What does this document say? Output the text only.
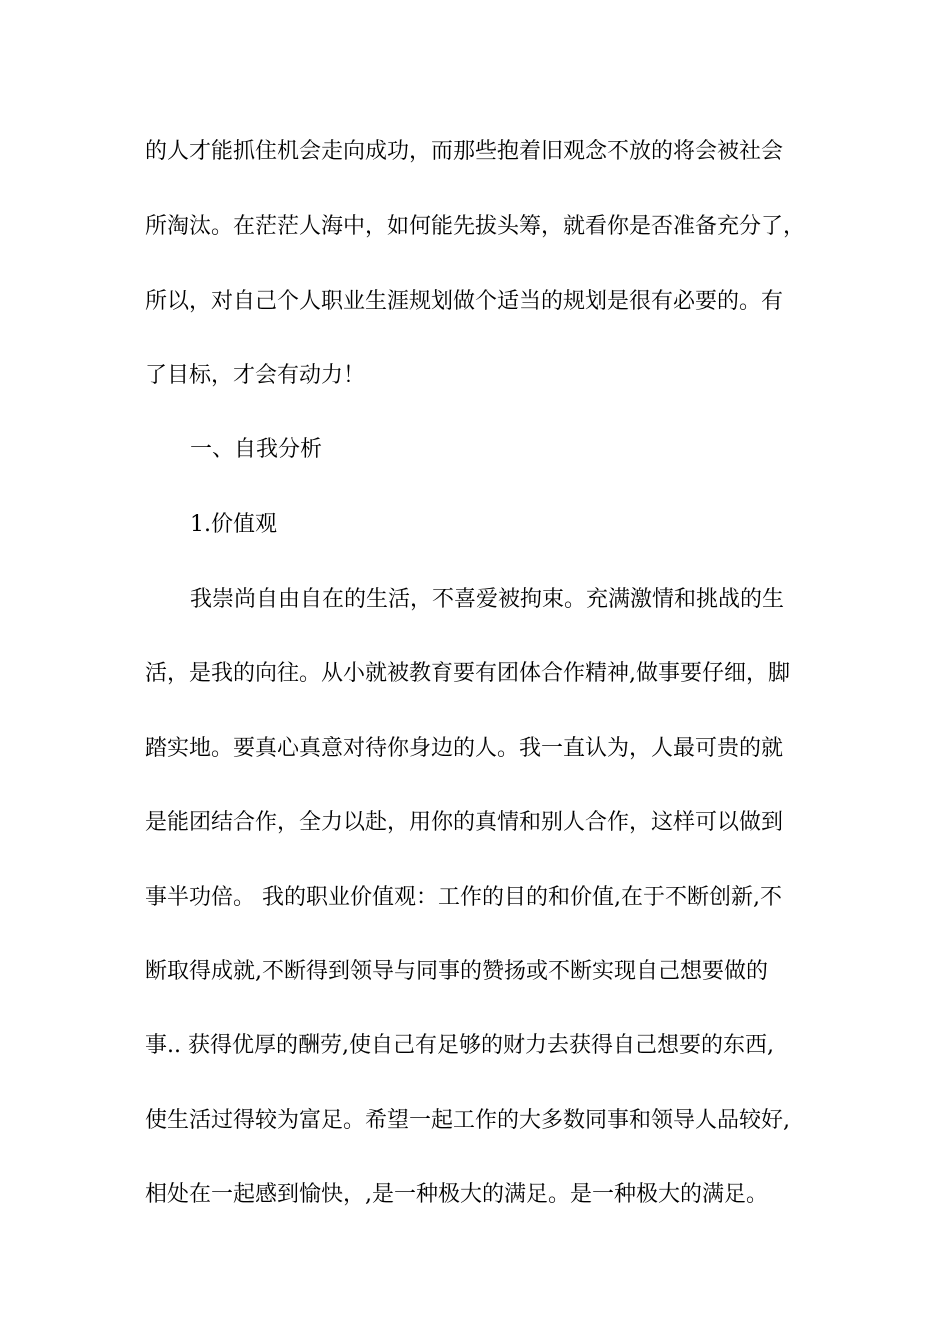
的人才能抓住机会走向成功，而那些抱着旧观念不放的将会被社会

所淘汰。在茫茫人海中，如何能先拔头筹，就看你是否准备充分了，

所以，对自己个人职业生涯规划做个适当的规划是很有必要的。有

了目标，才会有动力！

一、自我分析

1.价值观

我崇尚自由自在的生活，不喜爱被拘束。充满激情和挑战的生

活，是我的向往。从小就被教育要有团体合作精神,做事要仔细，脚

踏实地。要真心真意对待你身边的人。我一直认为，人最可贵的就

是能团结合作，全力以赴，用你的真情和别人合作，这样可以做到

事半功倍。 我的职业价值观：工作的目的和价值,在于不断创新,不

断取得成就,不断得到领导与同事的赞扬或不断实现自己想要做的

事.. 获得优厚的酬劳,使自己有足够的财力去获得自己想要的东西,

使生活过得较为富足。希望一起工作的大多数同事和领导人品较好,

相处在一起感到愉快，,是一种极大的满足。是一种极大的满足。
